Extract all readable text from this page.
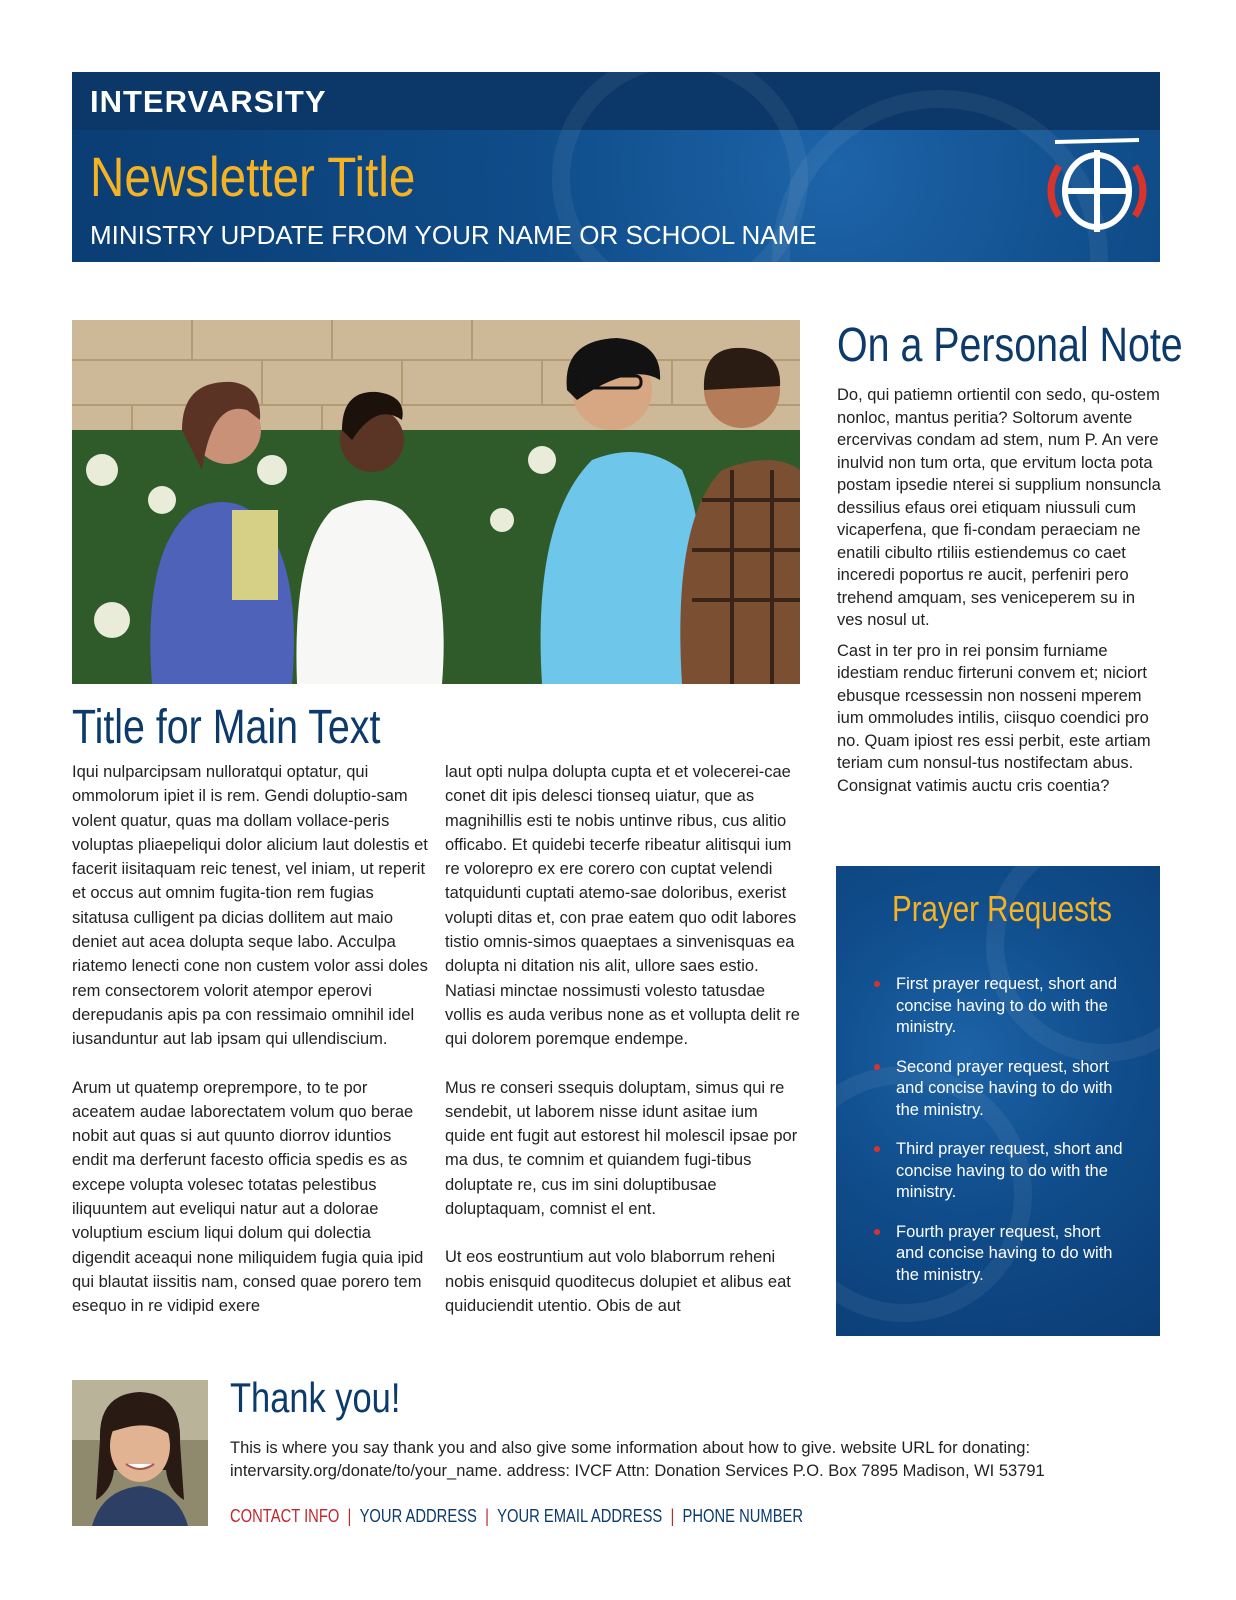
INTERVARSITY
Newsletter Title
MINISTRY UPDATE FROM YOUR NAME OR SCHOOL NAME
Title for Main Text

Iqui nulparcipsam nulloratqui optatur, qui ommolorum ipiet il is rem. Gendi doluptio-sam volent quatur, quas ma dollam vollace-peris voluptas pliaepeliqui dolor alicium laut dolestis et facerit iisitaquam reic tenest, vel iniam, ut reperit et occus aut omnim fugita-tion rem fugias sitatusa culligent pa dicias dollitem aut maio deniet aut acea dolupta seque labo. Acculpa riatemo lenecti cone non custem volor assi doles rem consectorem volorit atempor eperovi derepudanis apis pa con ressimaio omnihil idel iusanduntur aut lab ipsam qui ullendiscium.

Arum ut quatemp oreprempore, to te por aceatem audae laborectatem volum quo berae nobit aut quas si aut quunto diorrov iduntios endit ma derferunt facesto officia spedis es as excepe volupta volesec totatas pelestibus iliquuntem aut eveliqui natur aut a dolorae voluptium escium liqui dolum qui dolectia digendit aceaqui none miliquidem fugia quia ipid qui blautat iissitis nam, consed quae porero tem esequo in re vidipid exere

laut opti nulpa dolupta cupta et et volecerei-cae conet dit ipis delesci tionseq uiatur, que as magnihillis esti te nobis untinve ribus, cus alitio officabo. Et quidebi tecerfe ribeatur alitisqui ium re volorepro ex ere corero con cuptat velendi tatquidunti cuptati atemo-sae doloribus, exerist volupti ditas et, con prae eatem quo odit labores tistio omnis-simos quaeptaes a sinvenisquas ea dolupta ni ditation nis alit, ullore saes estio. Natiasi minctae nossimusti volesto tatusdae vollis es auda veribus none as et vollupta delit re qui dolorem poremque endempe.

Mus re conseri ssequis doluptam, simus qui re sendebit, ut laborem nisse idunt asitae ium quide ent fugit aut estorest hil molescil ipsae por ma dus, te comnim et quiandem fugi-tibus doluptate re, cus im sini doluptibusae doluptaquam, comnist el ent.

Ut eos eostruntium aut volo blaborrum reheni nobis enisquid quoditecus dolupiet et alibus eat quiduciendit utentio. Obis de aut

On a Personal Note

Do, qui patiemn ortientil con sedo, qu-ostem nonloc, mantus peritia? Soltorum avente ercervivas condam ad stem, num P. An vere inulvid non tum orta, que ervitum locta pota postam ipsedie nterei si supplium nonsuncla dessilius efaus orei etiquam niussuli cum vicaperfena, que fi-condam peraeciam ne enatili cibulto rtiliis estiendemus co caet inceredi poportus re aucit, perfeniri pero trehend amquam, ses veniceperem su in ves nosul ut.

Cast in ter pro in rei ponsim furniame idestiam renduc firteruni convem et; niciort ebusque rcessessin non nosseni mperem ium ommoludes intilis, ciisquo coendici pro no. Quam ipiost res essi perbit, este artiam teriam cum nonsul-tus nostifectam abus. Consignat vatimis auctu cris coentia?

First prayer request, short and concise having to do with the ministry.
Second prayer request, short and concise having to do with the ministry.
Third prayer request, short and concise having to do with the ministry.
Fourth prayer request, short and concise having to do with the ministry.
Prayer Requests
Thank you!
This is where you say thank you and also give some information about how to give. website URL for donating: intervarsity.org/donate/to/your_name. address: IVCF Attn: Donation Services P.O. Box 7895 Madison, WI 53791
CONTACT INFO | YOUR ADDRESS | YOUR EMAIL ADDRESS | PHONE NUMBER
